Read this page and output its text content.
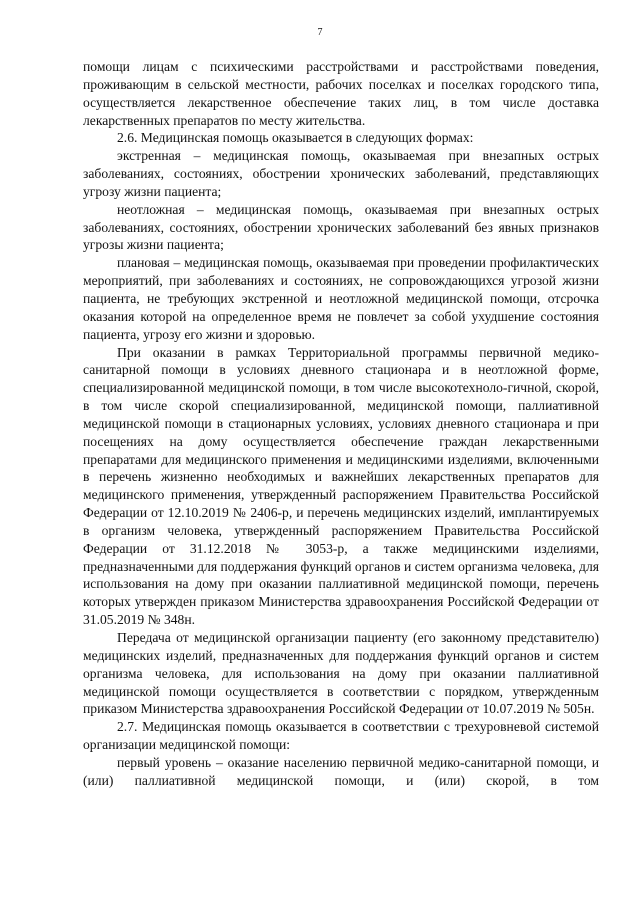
7

помощи лицам с психическими расстройствами и расстройствами поведения, проживающим в сельской местности, рабочих поселках и поселках городского типа, осуществляется лекарственное обеспечение таких лиц, в том числе доставка лекарственных препаратов по месту жительства.

2.6. Медицинская помощь оказывается в следующих формах:

экстренная – медицинская помощь, оказываемая при внезапных острых заболеваниях, состояниях, обострении хронических заболеваний, представляющих угрозу жизни пациента;

неотложная – медицинская помощь, оказываемая при внезапных острых заболеваниях, состояниях, обострении хронических заболеваний без явных признаков угрозы жизни пациента;

плановая – медицинская помощь, оказываемая при проведении профилактических мероприятий, при заболеваниях и состояниях, не сопровождающихся угрозой жизни пациента, не требующих экстренной и неотложной медицинской помощи, отсрочка оказания которой на определенное время не повлечет за собой ухудшение состояния пациента, угрозу его жизни и здоровью.

При оказании в рамках Территориальной программы первичной медико-санитарной помощи в условиях дневного стационара и в неотложной форме, специализированной медицинской помощи, в том числе высокотехноло-гичной, скорой, в том числе скорой специализированной, медицинской помощи, паллиативной медицинской помощи в стационарных условиях, условиях дневного стационара и при посещениях на дому осуществляется обеспечение граждан лекарственными препаратами для медицинского применения и медицинскими изделиями, включенными в перечень жизненно необходимых и важнейших лекарственных препаратов для медицинского применения, утвержденный распоряжением Правительства Российской Федерации от 12.10.2019 № 2406-р, и перечень медицинских изделий, имплантируемых в организм человека, утвержденный распоряжением Правительства Российской Федерации от 31.12.2018 № 3053-р, а также медицинскими изделиями, предназначенными для поддержания функций органов и систем организма человека, для использования на дому при оказании паллиативной медицинской помощи, перечень которых утвержден приказом Министерства здравоохранения Российской Федерации от 31.05.2019 № 348н.

Передача от медицинской организации пациенту (его законному представителю) медицинских изделий, предназначенных для поддержания функций органов и систем организма человека, для использования на дому при оказании паллиативной медицинской помощи осуществляется в соответствии с порядком, утвержденным приказом Министерства здравоохранения Российской Федерации от 10.07.2019 № 505н.

2.7. Медицинская помощь оказывается в соответствии с трехуровневой системой организации медицинской помощи:

первый уровень – оказание населению первичной медико-санитарной помощи, и (или) паллиативной медицинской помощи, и (или) скорой, в том
